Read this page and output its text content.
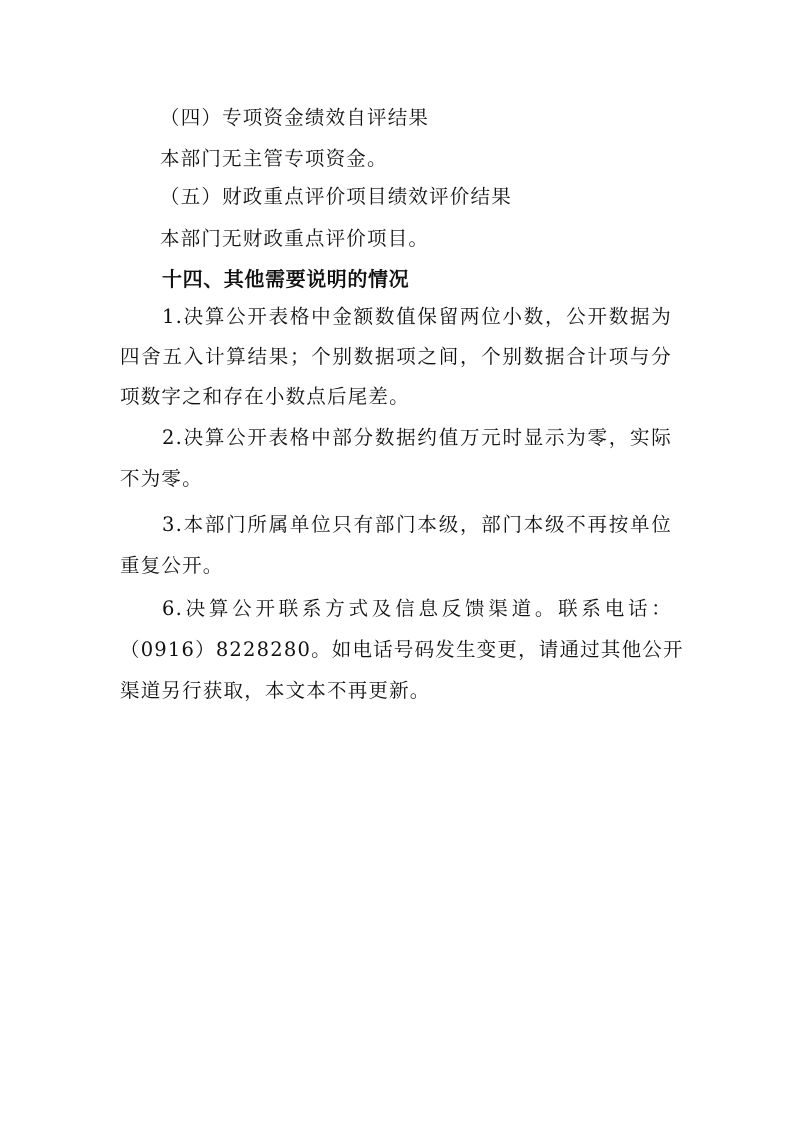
（四）专项资金绩效自评结果
本部门无主管专项资金。
（五）财政重点评价项目绩效评价结果
本部门无财政重点评价项目。
十四、其他需要说明的情况
1.决算公开表格中金额数值保留两位小数，公开数据为
四舍五入计算结果；个别数据项之间，个别数据合计项与分
项数字之和存在小数点后尾差。
2.决算公开表格中部分数据约值万元时显示为零，实际
不为零。
3.本部门所属单位只有部门本级，部门本级不再按单位
重复公开。
6.决算公开联系方式及信息反馈渠道。联系电话：
（0916）8228280。如电话号码发生变更，请通过其他公开
渠道另行获取，本文本不再更新。
